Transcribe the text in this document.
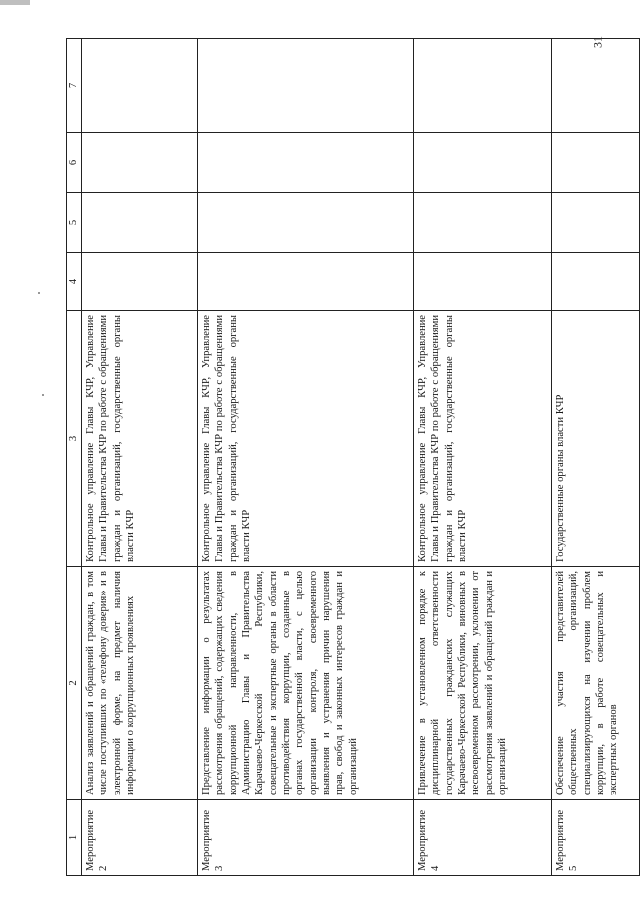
31
1	2	3	4	5	6	7
Мероприятие 2	Анализ заявлений и обращений граждан, в том числе поступивших по «телефону доверия» и в электронной форме, на предмет наличия информации о коррупционных проявлениях	Контрольное управление Главы КЧР, Управление Главы и Правительства КЧР по работе с обращениями граждан и организаций, государственные органы власти КЧР				
Мероприятие 3	Представление информации о результатах рассмотрения обращений, содержащих сведения коррупционной направленности, в Администрацию Главы и Правительства Карачаево-Черкесской Республики, совещательные и экспертные органы в области противодействия коррупции, созданные в органах государственной власти, с целью организации контроля, своевременного выявления и устранения причин нарушения прав, свобод и законных интересов граждан и организаций	Контрольное управление Главы КЧР, Управление Главы и Правительства КЧР по работе с обращениями граждан и организаций, государственные органы власти КЧР				
Мероприятие 4	Привлечение в установленном порядке к дисциплинарной ответственности государственных гражданских служащих Карачаево-Черкесской Республики, виновных в несвоевременном рассмотрении, уклонении от рассмотрения заявлений и обращений граждан и организаций	Контрольное управление Главы КЧР, Управление Главы и Правительства КЧР по работе с обращениями граждан и организаций, государственные органы власти КЧР				
Мероприятие 5	Обеспечение участия представителей общественных организаций, специализирующихся на изучении проблем коррупции, в работе совещательных и экспертных органов	Государственные органы власти КЧР				
